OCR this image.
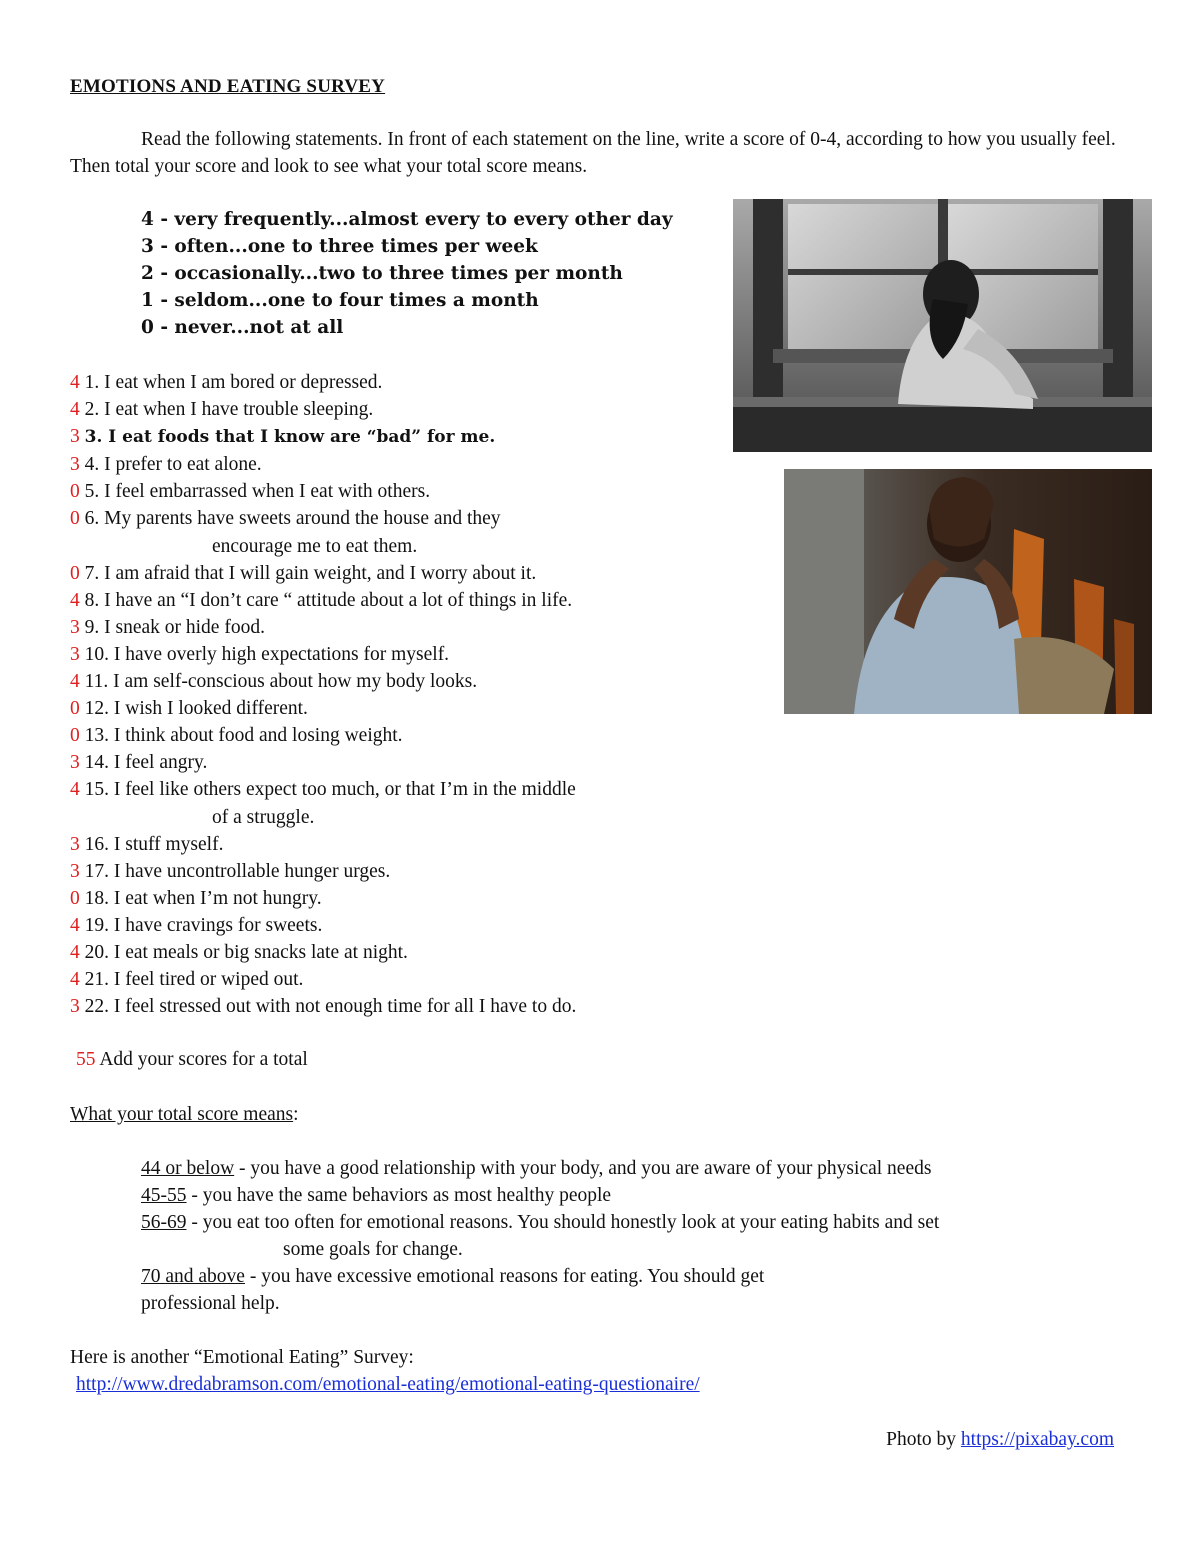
EMOTIONS AND EATING SURVEY

Read the following statements. In front of each statement on the line, write a score of 0-4, according to how you usually feel. Then total your score and look to see what your total score means.

4 - very frequently...almost every to every other day
3 - often...one to three times per week
2 - occasionally...two to three times per month
1 - seldom...one to four times a month
0 - never...not at all
4 1. I eat when I am bored or depressed.
4 2. I eat when I have trouble sleeping.
3 3. I eat foods that I know are “bad” for me.
3 4. I prefer to eat alone.
0 5. I feel embarrassed when I eat with others.
0 6. My parents have sweets around the house and they
encourage me to eat them.
0 7. I am afraid that I will gain weight, and I worry about it.
4 8. I have an “I don’t care “ attitude about a lot of things in life.
3 9. I sneak or hide food.
3 10. I have overly high expectations for myself.
4 11. I am self-conscious about how my body looks.
0 12. I wish I looked different.
0 13. I think about food and losing weight.
3 14. I feel angry.
4 15. I feel like others expect too much, or that I’m in the middle
of a struggle.
3 16. I stuff myself.
3 17. I have uncontrollable hunger urges.
0 18. I eat when I’m not hungry.
4 19. I have cravings for sweets.
4 20. I eat meals or big snacks late at night.
4 21. I feel tired or wiped out.
3 22. I feel stressed out with not enough time for all I have to do.

55 Add your scores for a total

What your total score means:

44 or below - you have a good relationship with your body, and you are aware of your physical needs
45-55 - you have the same behaviors as most healthy people
56-69 - you eat too often for emotional reasons. You should honestly look at your eating habits and set
some goals for change.
70 and above - you have excessive emotional reasons for eating. You should get
professional help.

Here is another “Emotional Eating” Survey:

http://www.dredabramson.com/emotional-eating/emotional-eating-questionaire/

Photo by https://pixabay.com
